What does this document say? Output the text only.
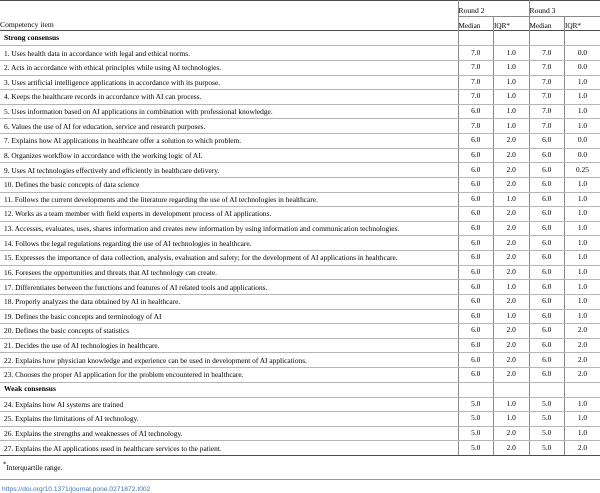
Competency item	Round 2		Round 3	
	Median	IQR*	Median	IQR*
Strong consensus				
1. Uses health data in accordance with legal and ethical norms.	7.0	1.0	7.0	0.0
2. Acts in accordance with ethical principles while using AI technologies.	7.0	1.0	7.0	0.0
3. Uses artificial intelligence applications in accordance with its purpose.	7.0	1.0	7.0	1.0
4. Keeps the healthcare records in accordance with AI can process.	7.0	1.0	7.0	1.0
5. Uses information based on AI applications in combination with professional knowledge.	6.0	1.0	7.0	1.0
6. Values the use of AI for education, service and research purposes.	7.0	1.0	7.0	1.0
7. Explains how AI applications in healthcare offer a solution to which problem.	6.0	2.0	6.0	0.0
8. Organizes workflow in accordance with the working logic of AI.	6.0	2.0	6.0	0.0
9. Uses AI technologies effectively and efficiently in healthcare delivery.	6.0	2.0	6.0	0.25
10. Defines the basic concepts of data science	6.0	2.0	6.0	1.0
11. Follows the current developments and the literature regarding the use of AI technologies in healthcare.	6.0	1.0	6.0	1.0
12. Works as a team member with field experts in development process of AI applications.	6.0	2.0	6.0	1.0
13. Accesses, evaluates, uses, shares information and creates new information by using information and communication technologies.	6.0	2.0	6.0	1.0
14. Follows the legal regulations regarding the use of AI technologies in healthcare.	6.0	2.0	6.0	1.0
15. Expresses the importance of data collection, analysis, evaluation and safety; for the development of AI applications in healthcare.	6.0	2.0	6.0	1.0
16. Foresees the opportunities and threats that AI technology can create.	6.0	2.0	6.0	1.0
17. Differentiates between the functions and features of AI related tools and applications.	6.0	1.0	6.0	1.0
18. Properly analyzes the data obtained by AI in healthcare.	6.0	2.0	6.0	1.0
19. Defines the basic concepts and terminology of AI	6.0	1.0	6.0	1.0
20. Defines the basic concepts of statistics	6.0	2.0	6.0	2.0
21. Decides the use of AI technologies in healthcare.	6.0	2.0	6.0	2.0
22. Explains how physician knowledge and experience can be used in development of AI applications.	6.0	2.0	6.0	2.0
23. Chooses the proper AI application for the problem encountered in healthcare.	6.0	2.0	6.0	2.0
Weak consensus				
24. Explains how AI systems are trained	5.0	1.0	5.0	1.0
25. Explains the limitations of AI technology.	5.0	1.0	5.0	1.0
26. Explains the strengths and weaknesses of AI technology.	5.0	2.0	5.0	1.0
27. Explains the AI applications used in healthcare services to the patient.	5.0	2.0	5.0	2.0
*Interquartile range.
https://doi.org/10.1371/journal.pone.0271872.t002
